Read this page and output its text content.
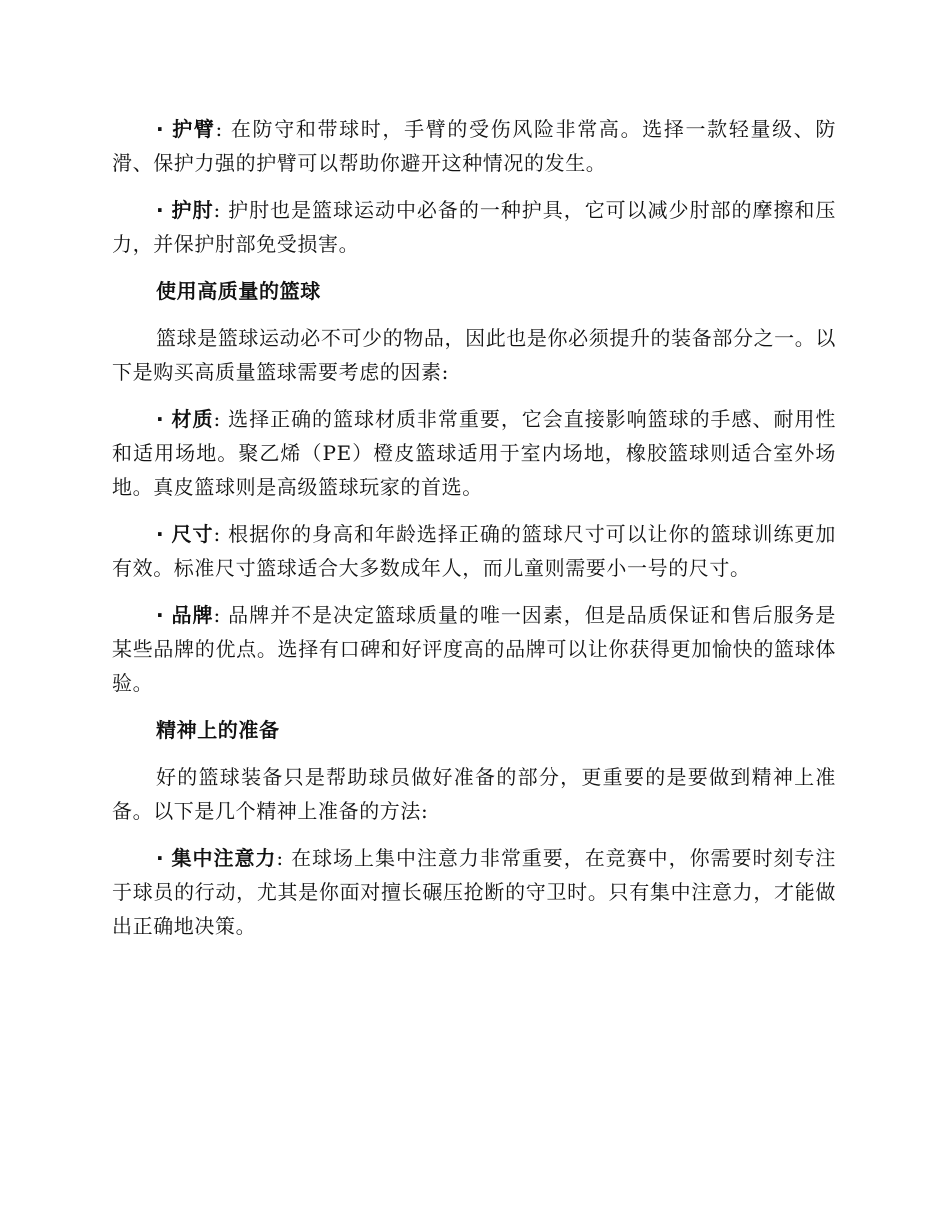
· 护臂: 在防守和带球时，手臂的受伤风险非常高。选择一款轻量级、防滑、保护力强的护臂可以帮助你避开这种情况的发生。

· 护肘: 护肘也是篮球运动中必备的一种护具，它可以减少肘部的摩擦和压力，并保护肘部免受损害。

使用高质量的篮球

篮球是篮球运动必不可少的物品，因此也是你必须提升的装备部分之一。以下是购买高质量篮球需要考虑的因素:

· 材质: 选择正确的篮球材质非常重要，它会直接影响篮球的手感、耐用性和适用场地。聚乙烯（PE）橙皮篮球适用于室内场地，橡胶篮球则适合室外场地。真皮篮球则是高级篮球玩家的首选。

· 尺寸: 根据你的身高和年龄选择正确的篮球尺寸可以让你的篮球训练更加有效。标准尺寸篮球适合大多数成年人，而儿童则需要小一号的尺寸。

· 品牌: 品牌并不是决定篮球质量的唯一因素，但是品质保证和售后服务是某些品牌的优点。选择有口碑和好评度高的品牌可以让你获得更加愉快的篮球体验。

精神上的准备

好的篮球装备只是帮助球员做好准备的部分，更重要的是要做到精神上准备。以下是几个精神上准备的方法:

· 集中注意力: 在球场上集中注意力非常重要，在竞赛中，你需要时刻专注于球员的行动，尤其是你面对擅长碾压抢断的守卫时。只有集中注意力，才能做出正确地决策。
